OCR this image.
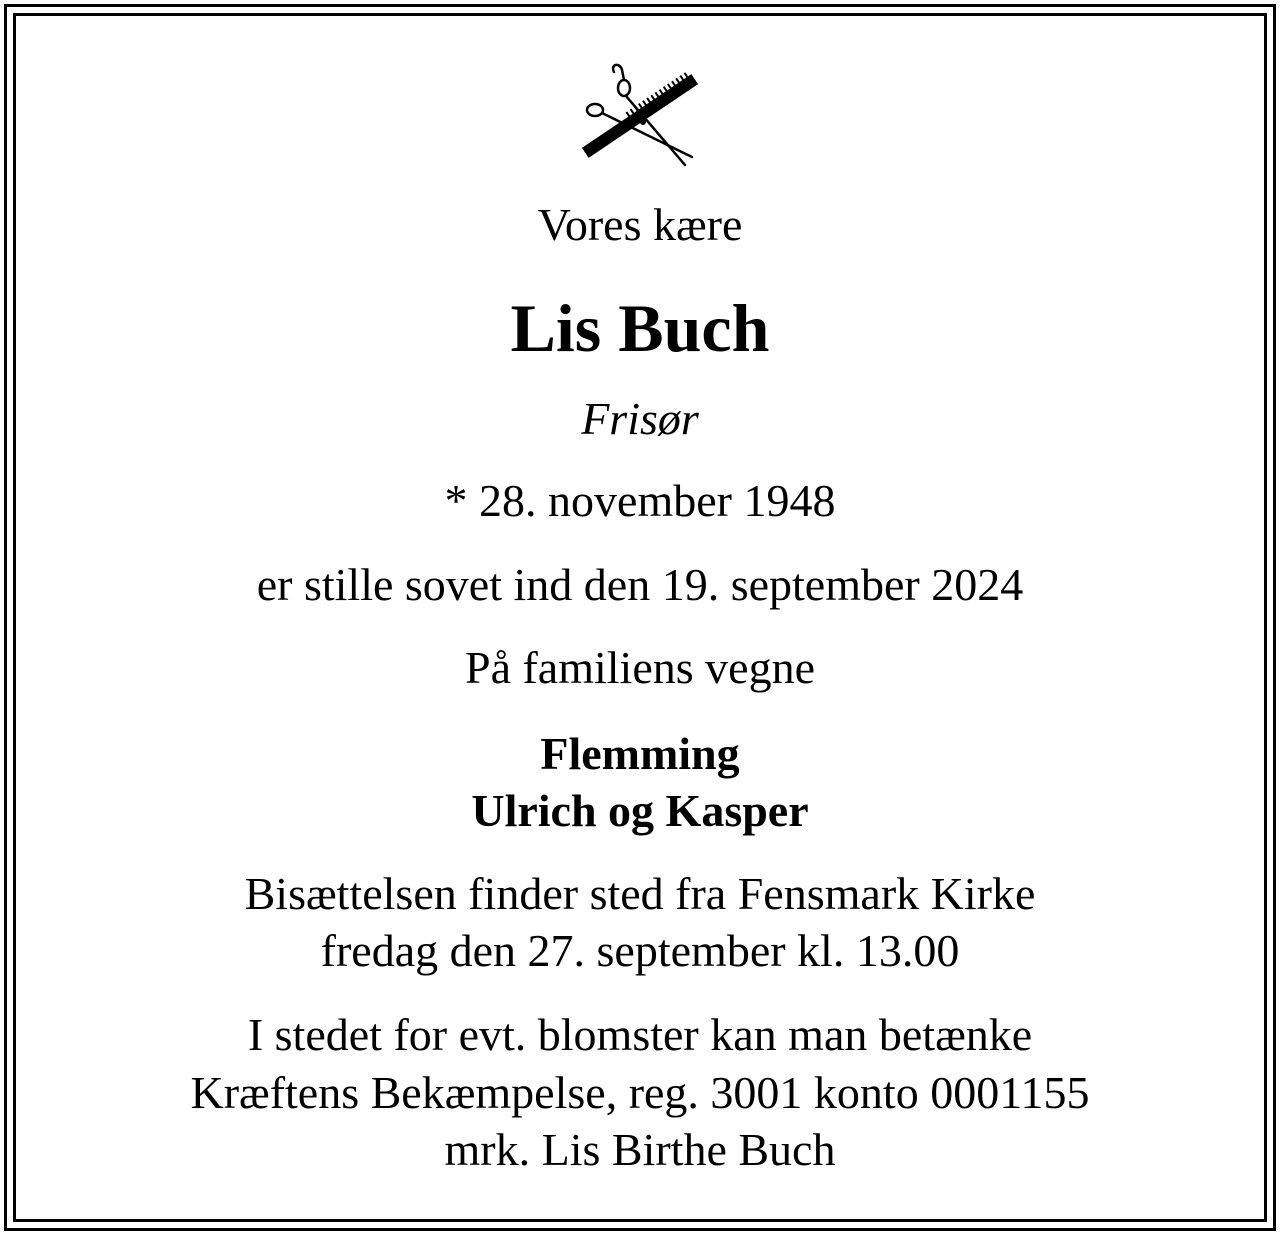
Vores kære

Lis Buch

Frisør

* 28. november 1948

er stille sovet ind den 19. september 2024

På familiens vegne

Flemming

Ulrich og Kasper

Bisættelsen finder sted fra Fensmark Kirke

fredag den 27. september kl. 13.00

I stedet for evt. blomster kan man betænke

Kræftens Bekæmpelse, reg. 3001 konto 0001155

mrk. Lis Birthe Buch
